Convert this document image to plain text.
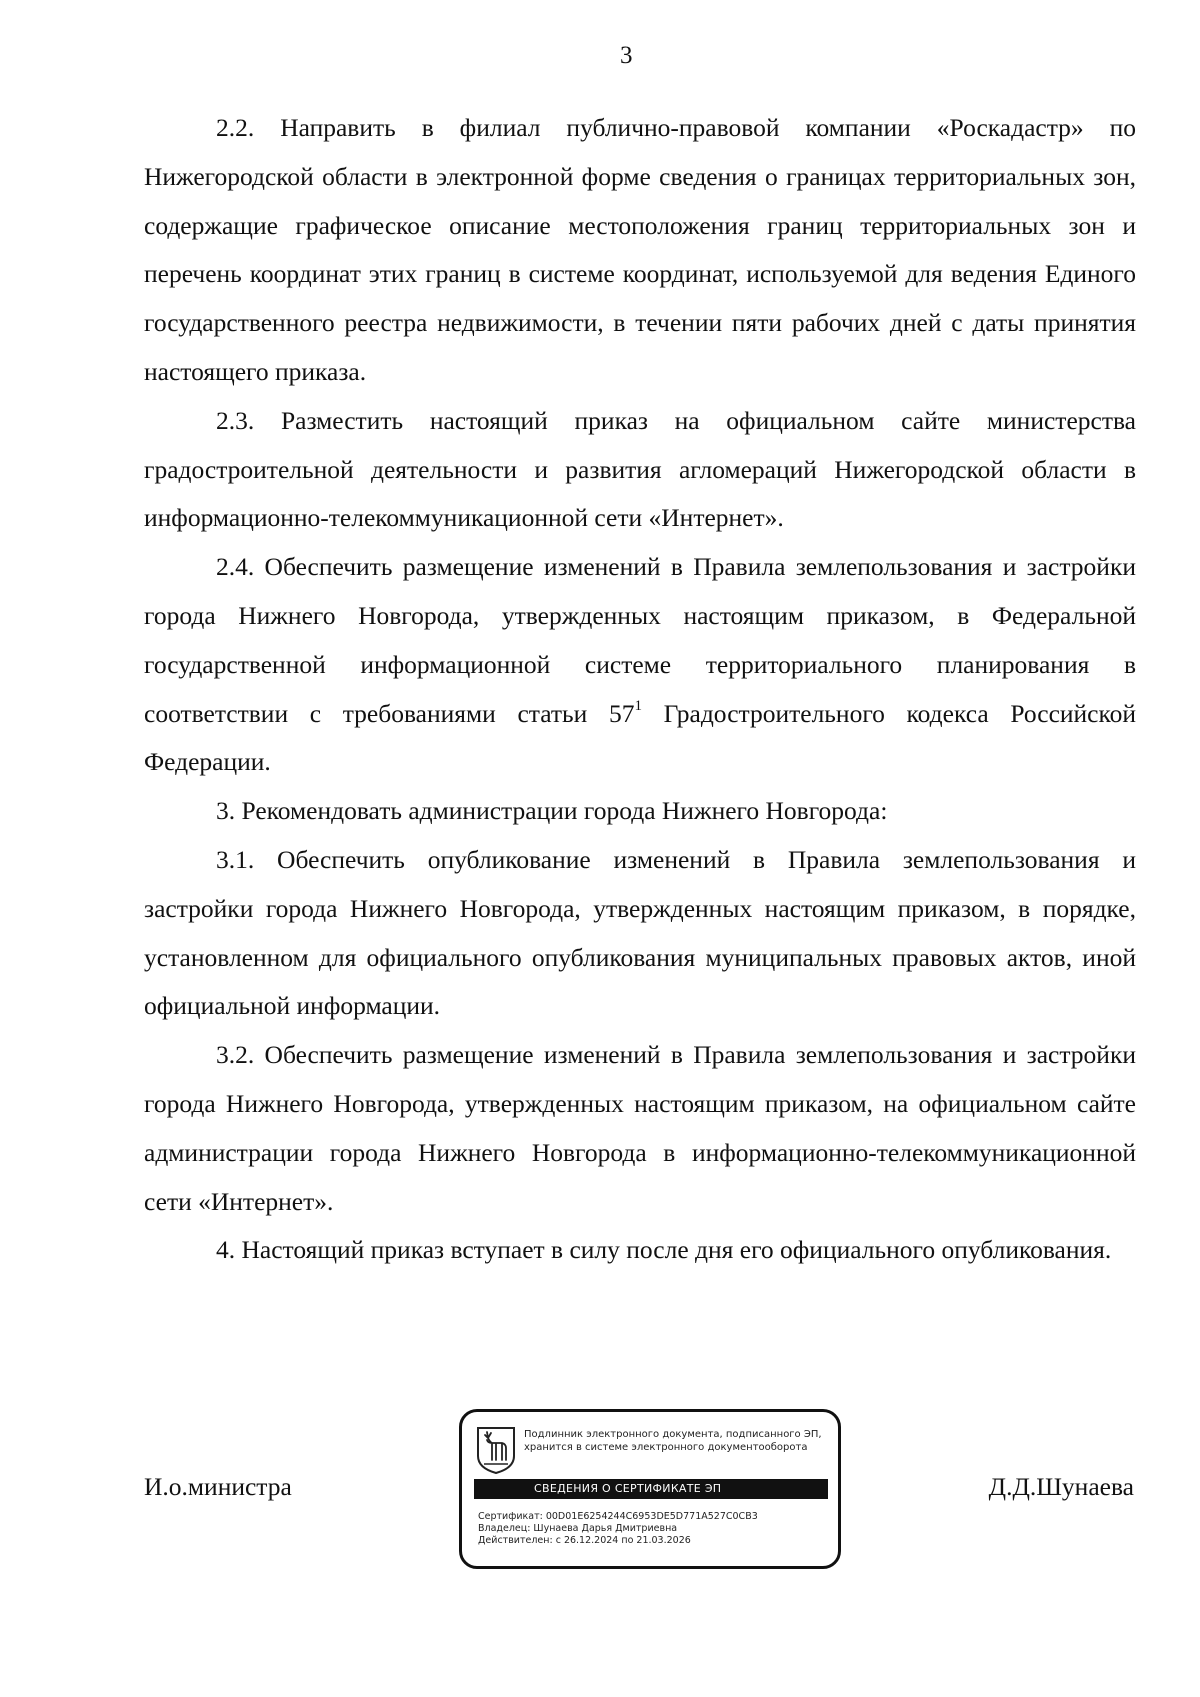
3

2.2. Направить в филиал публично-правовой компании «Роскадастр» по Нижегородской области в электронной форме сведения о границах территориальных зон, содержащие графическое описание местоположения границ территориальных зон и перечень координат этих границ в системе координат, используемой для ведения Единого государственного реестра недвижимости, в течении пяти рабочих дней с даты принятия настоящего приказа.

2.3. Разместить настоящий приказ на официальном сайте министерства градостроительной деятельности и развития агломераций Нижегородской области в информационно-телекоммуникационной сети «Интернет».

2.4. Обеспечить размещение изменений в Правила землепользования и застройки города Нижнего Новгорода, утвержденных настоящим приказом, в Федеральной государственной информационной системе территориального планирования в соответствии с требованиями статьи $57^1$ Градостроительного кодекса Российской Федерации.

3. Рекомендовать администрации города Нижнего Новгорода:

3.1. Обеспечить опубликование изменений в Правила землепользования и застройки города Нижнего Новгорода, утвержденных настоящим приказом, в порядке, установленном для официального опубликования муниципальных правовых актов, иной официальной информации.

3.2. Обеспечить размещение изменений в Правила землепользования и застройки города Нижнего Новгорода, утвержденных настоящим приказом, на официальном сайте администрации города Нижнего Новгорода в информационно-телекоммуникационной сети «Интернет».

4. Настоящий приказ вступает в силу после дня его официального опубликования.

И.о.министра	Д.Д.Шунаева
Подлинник электронного документа, подписанного ЭП,
хранится в системе электронного документооборота
СВЕДЕНИЯ О СЕРТИФИКАТЕ ЭП
Сертификат: 00D01E6254244C6953DE5D771A527C0CB3
Владелец: Шунаева Дарья Дмитриевна
Действителен: с 26.12.2024 по 21.03.2026
